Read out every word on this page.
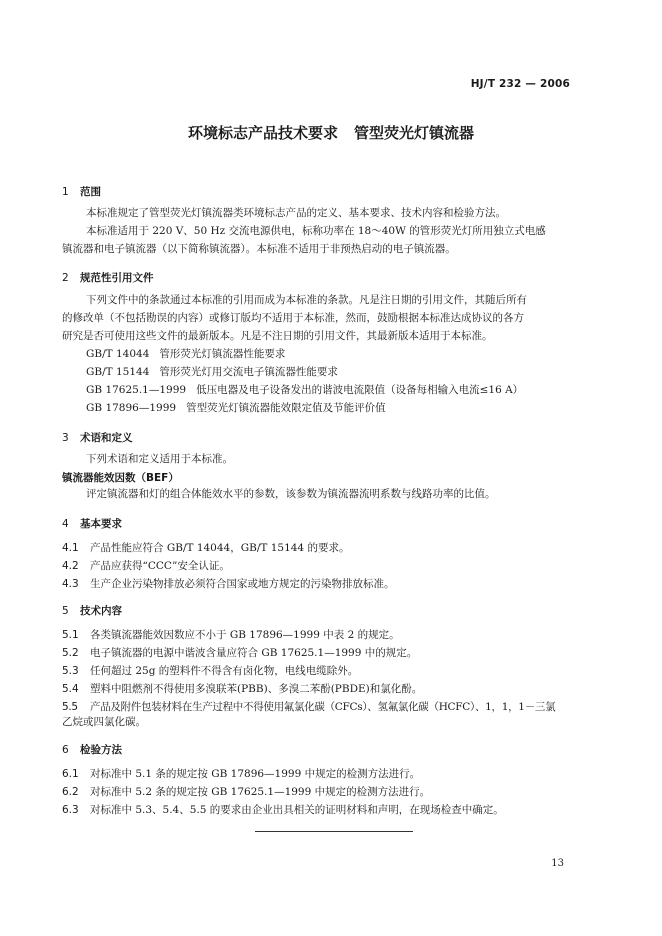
HJ/T 232 — 2006
环境标志产品技术要求 管型荧光灯镇流器
1 范围
本标准规定了管型荧光灯镇流器类环境标志产品的定义、基本要求、技术内容和检验方法。
本标准适用于 220 V、50 Hz 交流电源供电，标称功率在 18～40W 的管形荧光灯所用独立式电感
镇流器和电子镇流器（以下简称镇流器）。本标准不适用于非预热启动的电子镇流器。
2 规范性引用文件
下列文件中的条款通过本标准的引用而成为本标准的条款。凡是注日期的引用文件，其随后所有
的修改单（不包括勘误的内容）或修订版均不适用于本标准，然而，鼓励根据本标准达成协议的各方
研究是否可使用这些文件的最新版本。凡是不注日期的引用文件，其最新版本适用于本标准。
GB/T 14044 管形荧光灯镇流器性能要求
GB/T 15144 管形荧光灯用交流电子镇流器性能要求
GB 17625.1—1999 低压电器及电子设备发出的谐波电流限值（设备每相输入电流≤16 A）
GB 17896—1999 管型荧光灯镇流器能效限定值及节能评价值
3 术语和定义
下列术语和定义适用于本标准。
镇流器能效因数（BEF）
评定镇流器和灯的组合体能效水平的参数，该参数为镇流器流明系数与线路功率的比值。
4 基本要求
4.1 产品性能应符合 GB/T 14044，GB/T 15144 的要求。
4.2 产品应获得“CCC”安全认证。
4.3 生产企业污染物排放必须符合国家或地方规定的污染物排放标准。
5 技术内容
5.1 各类镇流器能效因数应不小于 GB 17896—1999 中表 2 的规定。
5.2 电子镇流器的电源中谐波含量应符合 GB 17625.1—1999 中的规定。
5.3 任何超过 25g 的塑料件不得含有卤化物，电线电缆除外。
5.4 塑料中阻燃剂不得使用多溴联苯(PBB)、多溴二苯酚(PBDE)和氯化酚。
5.5 产品及附件包装材料在生产过程中不得使用氟氯化碳（CFCs）、氢氟氯化碳（HCFC）、1，1，1－三氯
乙烷或四氯化碳。
6 检验方法
6.1 对标准中 5.1 条的规定按 GB 17896—1999 中规定的检测方法进行。
6.2 对标准中 5.2 条的规定按 GB 17625.1—1999 中规定的检测方法进行。
6.3 对标准中 5.3、5.4、5.5 的要求由企业出具相关的证明材料和声明，在现场检查中确定。
13
